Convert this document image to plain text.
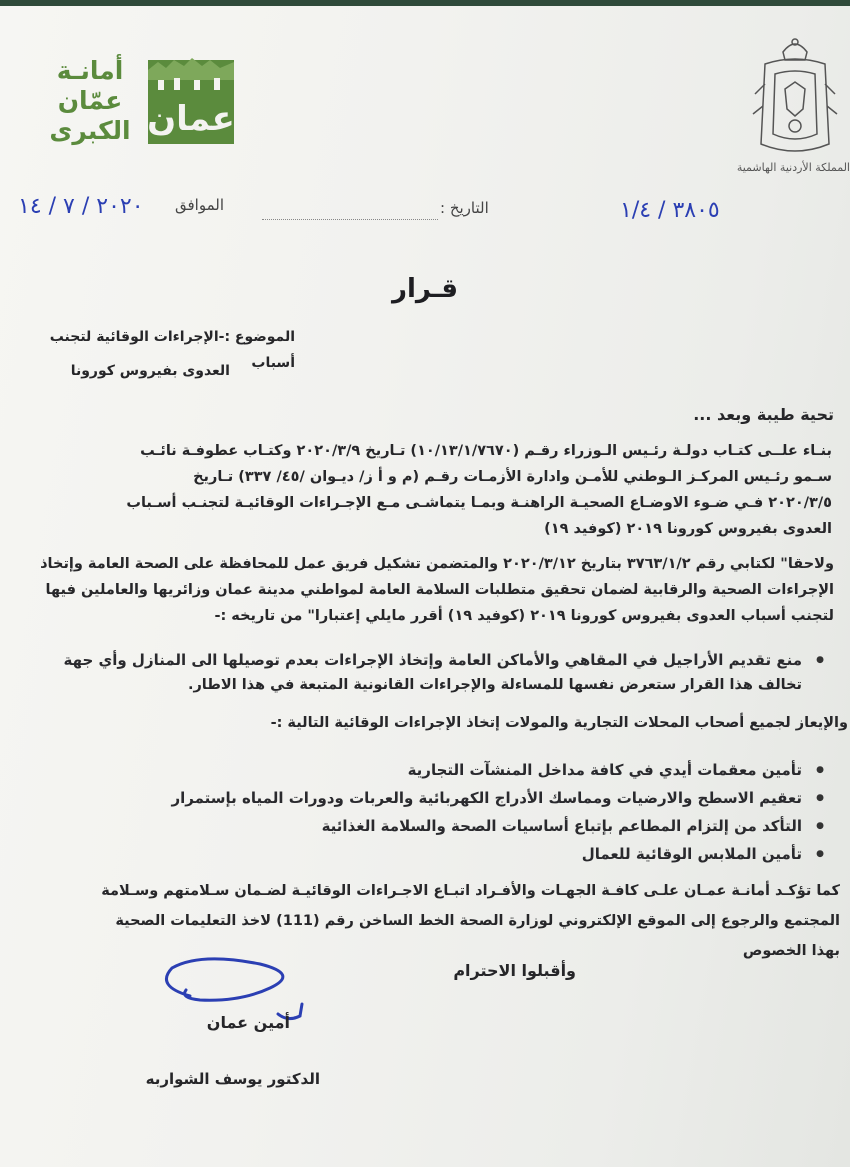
أمانـة
عمّان
الكبرى عمان
المملكة الأردنية الهاشمية
٣٨٠٥ / ١/٤
التاريخ :
الموافق
٢٠٢٠ / ٧ / ١٤
قـرار
الموضوع :-الإجراءات الوقائية لتجنب أسباب
العدوى بفيروس كورونا
تحية طيبة وبعد ...
بنـاء علــى كتـاب دولـة رئـيس الـوزراء رقـم (١٠/١٣/١/٧٦٧٠) تـاريخ ٢٠٢٠/٣/٩ وكتـاب عطوفـة نائـب
سـمو رئـيس المركـز الـوطني للأمـن وادارة الأزمـات رقـم (م و أ ز/ ديـوان /٤٥/ ٣٣٧) تـاريخ
٢٠٢٠/٣/٥ فـي ضـوء الاوضـاع الصحيـة الراهنـة وبمـا يتماشـى مـع الإجـراءات الوقائيـة لتجنـب أسـباب
العدوى بفيروس كورونا ٢٠١٩ (كوفيد ١٩)
ولاحقا" لكتابي رقم ٣٧٦٣/١/٢ بتاريخ ٢٠٢٠/٣/١٢ والمتضمن تشكيل فريق عمل للمحافظة على الصحة العامة وإتخاذ
الإجراءات الصحية والرقابية لضمان تحقيق متطلبات السلامة العامة لمواطني مدينة عمان وزائريها والعاملين فيها
لتجنب أسباب العدوى بفيروس كورونا ٢٠١٩ (كوفيد ١٩) أقرر مايلي إعتبارا" من تاريخه :-
● منع تقديم الأراجيل في المقاهي والأماكن العامة وإتخاذ الإجراءات بعدم توصيلها الى المنازل وأي جهة
تخالف هذا القرار ستعرض نفسها للمساءلة والإجراءات القانونية المتبعة في هذا الاطار.
والإيعاز لجميع أصحاب المحلات التجارية والمولات إتخاذ الإجراءات الوقائية التالية :-
● تأمين معقمات أيدي في كافة مداخل المنشآت التجارية
● تعقيم الاسطح والارضيات ومماسك الأدراج الكهربائية والعربات ودورات المياه بإستمرار
● التأكد من إلتزام المطاعم بإتباع أساسيات الصحة والسلامة الغذائية
● تأمين الملابس الوقائية للعمال
كما تؤكـد أمانـة عمـان علـى كافـة الجهـات والأفـراد اتبـاع الاجـراءات الوقائيـة لضـمان سـلامتهم وسـلامة
المجتمع والرجوع إلى الموقع الإلكتروني لوزارة الصحة الخط الساخن رقم (111) لاخذ التعليمات الصحية
بهذا الخصوص
وأقبلوا الاحترام
أمين عمان
الدكتور يوسف الشواربه
